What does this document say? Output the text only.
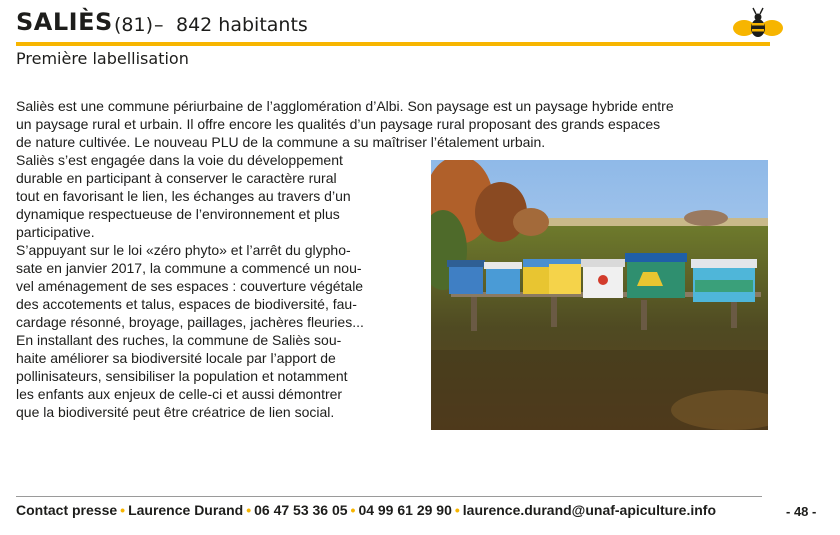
SALIÈS (81) – 842 habitants
Première labellisation
Saliès est une commune périurbaine de l’agglomération d’Albi. Son paysage est un paysage hybride entre
un paysage rural et urbain. Il offre encore les qualités d’un paysage rural proposant des grands espaces
de nature cultivée. Le nouveau PLU de la commune a su maîtriser l’étalement urbain.
Saliès s’est engagée dans la voie du développement
durable en participant à conserver le caractère rural
tout en favorisant le lien, les échanges au travers d’un
dynamique respectueuse de l’environnement et plus
participative.
S’appuyant sur le loi «zéro phyto» et l’arrêt du glypho-
sate en janvier 2017, la commune a commencé un nou-
vel aménagement de ses espaces : couverture végétale
des accotements et talus, espaces de biodiversité, fau-
cardage résonné, broyage, paillages, jachères fleuries...
En installant des ruches, la commune de Saliès sou-
haite améliorer sa biodiversité locale par l’apport de
pollinisateurs, sensibiliser la population et notamment
les enfants aux enjeux de celle-ci et aussi démontrer
que la biodiversité peut être créatrice de lien social.
Contact presse • Laurence Durand • 06 47 53 36 05 • 04 99 61 29 90 • laurence.durand@unaf-apiculture.info	- 48 -
